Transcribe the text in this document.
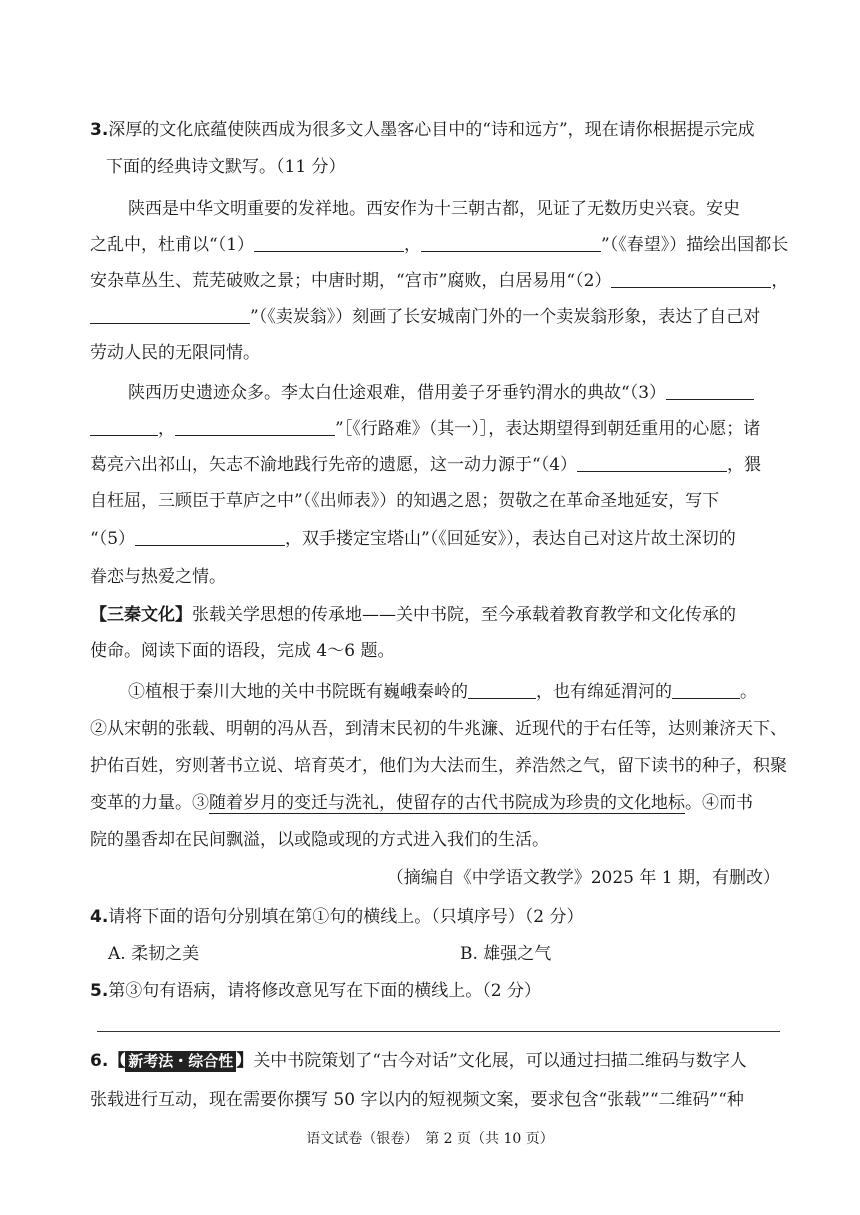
3.深厚的文化底蕴使陕西成为很多文人墨客心目中的“诗和远方”，现在请你根据提示完成
下面的经典诗文默写。（11 分）
陕西是中华文明重要的发祥地。西安作为十三朝古都，见证了无数历史兴衰。安史
之乱中，杜甫以“（1）	，	”（《春望》）描绘出国都长
安杂草丛生、荒芜破败之景；中唐时期，“宫市”腐败，白居易用“（2）	，
”（《卖炭翁》）刻画了长安城南门外的一个卖炭翁形象，表达了自己对
劳动人民的无限同情。
陕西历史遗迹众多。李太白仕途艰难，借用姜子牙垂钓渭水的典故“（3）
，	”［《行路难》（其一）］，表达期望得到朝廷重用的心愿；诸
葛亮六出祁山，矢志不渝地践行先帝的遗愿，这一动力源于“（4）	，猥
自枉屈，三顾臣于草庐之中”（《出师表》）的知遇之恩；贺敬之在革命圣地延安，写下
“（5）	，双手搂定宝塔山”（《回延安》），表达自己对这片故土深切的
眷恋与热爱之情。
【三秦文化】张载关学思想的传承地——关中书院，至今承载着教育教学和文化传承的
使命。阅读下面的语段，完成 4～6 题。
①植根于秦川大地的关中书院既有巍峨秦岭的	，也有绵延渭河的	。
②从宋朝的张载、明朝的冯从吾，到清末民初的牛兆濂、近现代的于右任等，达则兼济天下、
护佑百姓，穷则著书立说、培育英才，他们为大法而生，养浩然之气，留下读书的种子，积聚
变革的力量。③随着岁月的变迁与洗礼，使留存的古代书院成为珍贵的文化地标。④而书
院的墨香却在民间飘溢，以或隐或现的方式进入我们的生活。
（摘编自《中学语文教学》2025 年 1 期，有删改）
4.请将下面的语句分别填在第①句的横线上。（只填序号）（2 分）
A. 柔韧之美	B. 雄强之气
5.第③句有语病，请将修改意见写在下面的横线上。（2 分）
6.【 新考法・综合性 】关中书院策划了“古今对话”文化展，可以通过扫描二维码与数字人
张载进行互动，现在需要你撰写 50 字以内的短视频文案，要求包含“张载”“二维码”“种
语文试卷（银卷）　第 2 页（共 10 页）
